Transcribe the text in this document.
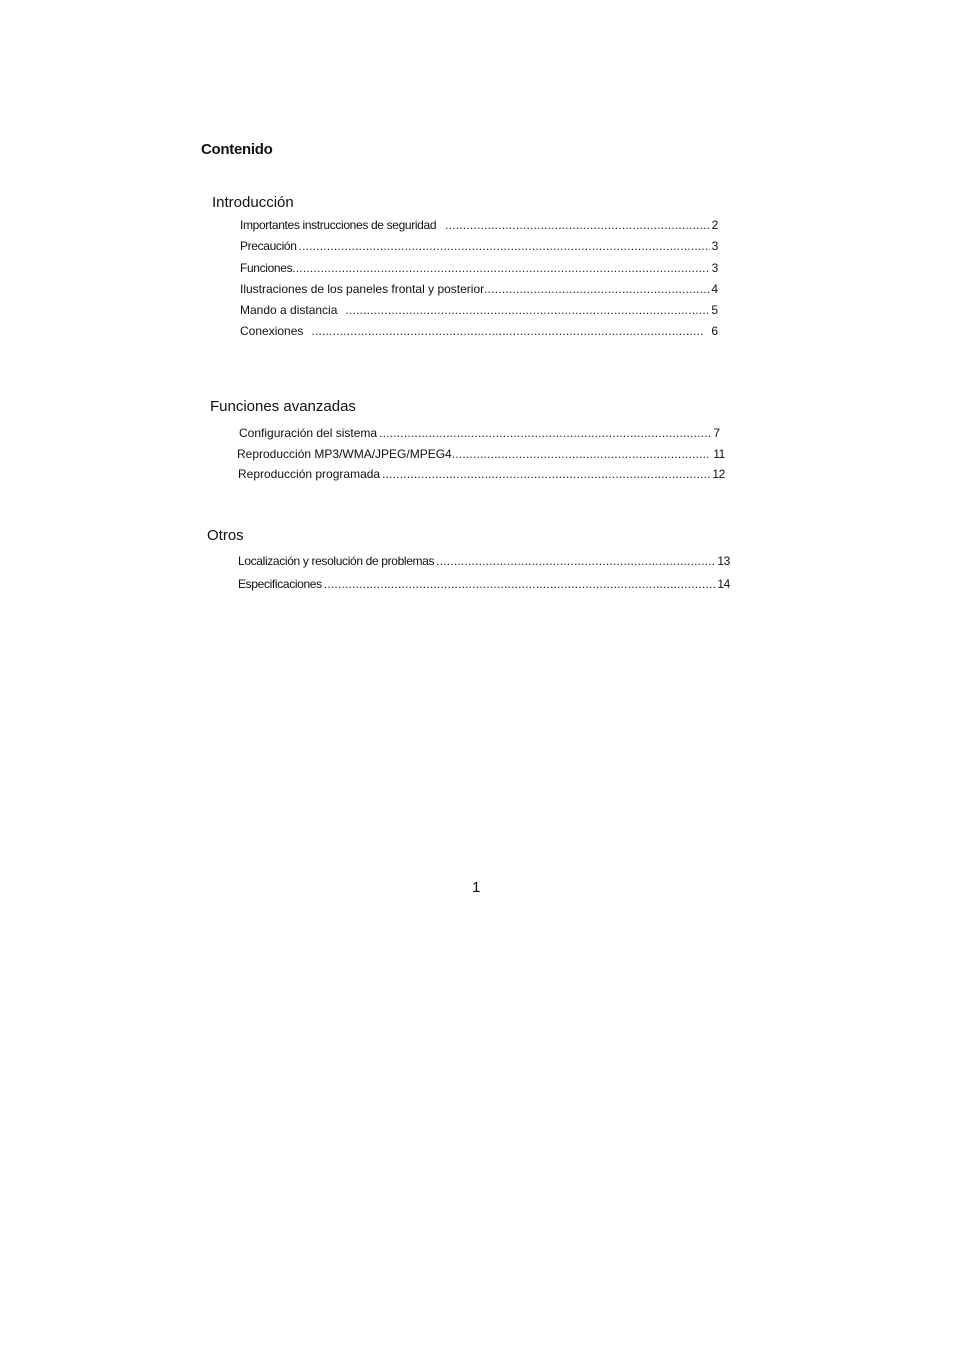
Contenido
Introducción
Importantes instrucciones de seguridad .....	2
Precaución .....	3
Funciones .....	3
Ilustraciones de los paneles frontal y posterior .....	4
Mando a distancia .....	5
Conexiones .....	6
Funciones avanzadas
Configuración del sistema .....	7
Reproducción MP3/WMA/JPEG/MPEG4 .....	11
Reproducción programada .....	12
Otros
Localización y resolución de problemas .....	13
Especificaciones .....	14
1
